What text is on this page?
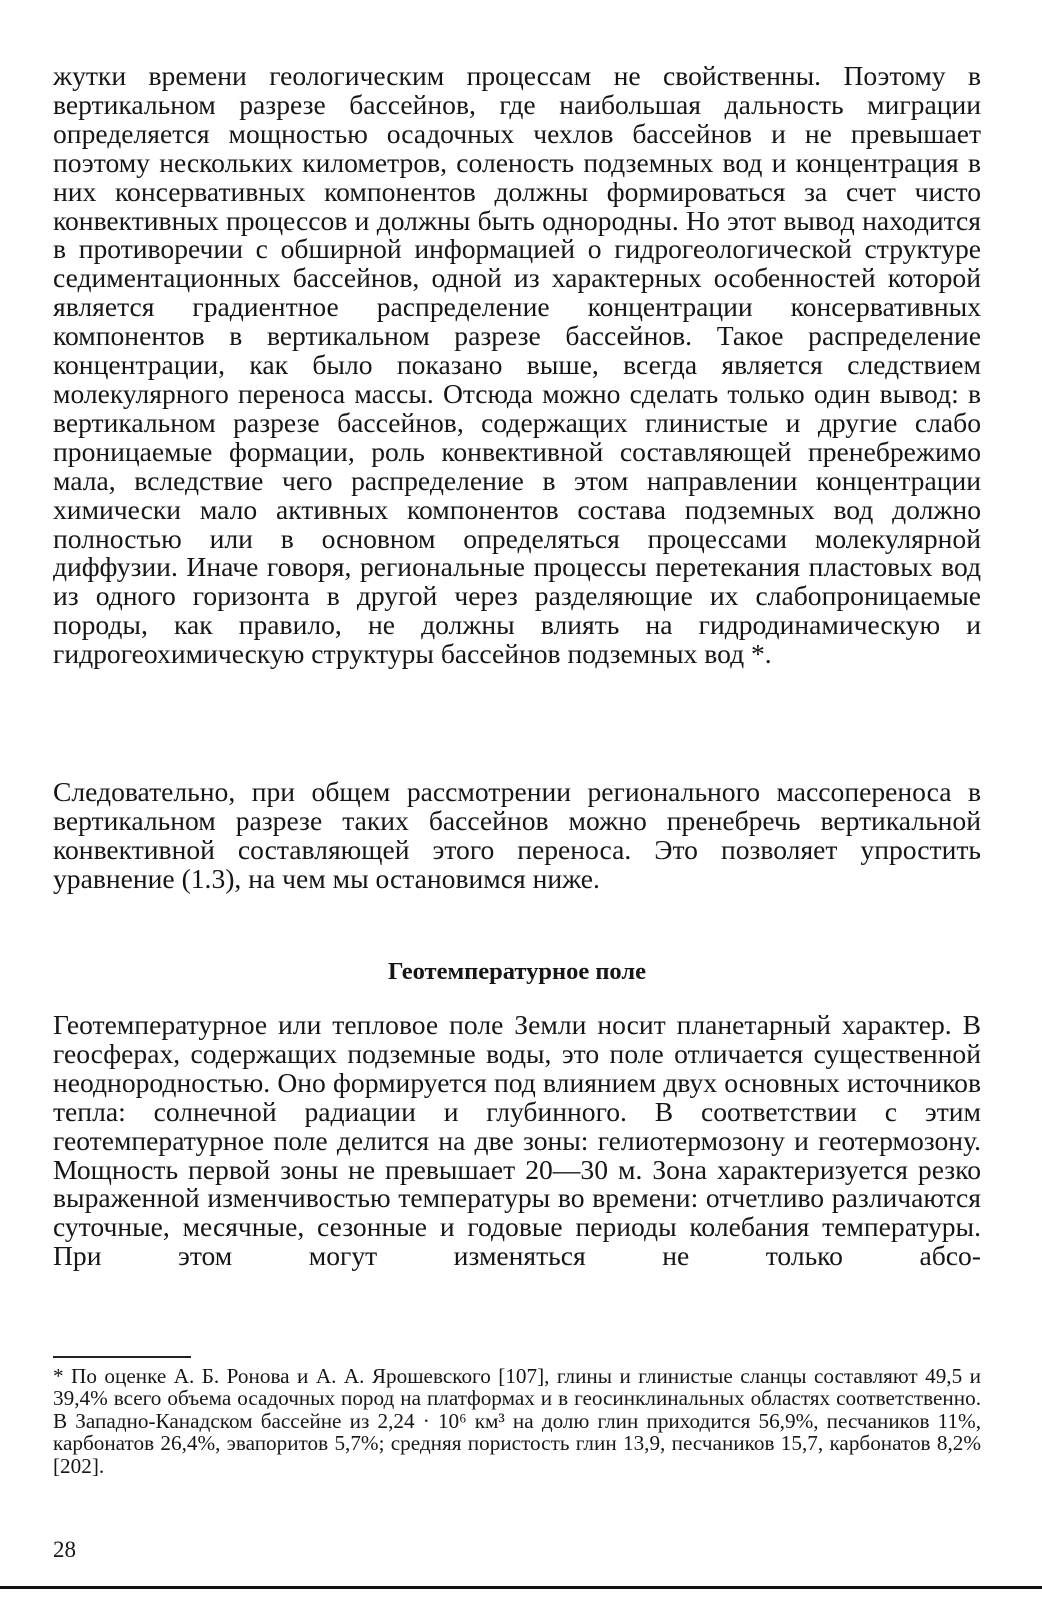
жутки времени геологическим процессам не свойственны. Поэтому в вертикальном разрезе бассейнов, где наибольшая дальность миграции определяется мощностью осадочных чехлов бассейнов и не превышает поэтому нескольких километров, соленость подземных вод и концентрация в них консервативных компонентов должны формироваться за счет чисто конвективных процессов и должны быть однородны. Но этот вывод находится в противоречии с обширной информацией о гидрогеологической структуре седиментационных бассейнов, одной из характерных особенностей которой является градиентное распределение концентрации консервативных компонентов в вертикальном разрезе бассейнов. Такое распределение концентрации, как было показано выше, всегда является следствием молекулярного переноса массы. Отсюда можно сделать только один вывод: в вертикальном разрезе бассейнов, содержащих глинистые и другие слабо проницаемые формации, роль конвективной составляющей пренебрежимо мала, вследствие чего распределение в этом направлении концентрации химически мало активных компонентов состава подземных вод должно полностью или в основном определяться процессами молекулярной диффузии. Иначе говоря, региональные процессы перетекания пластовых вод из одного горизонта в другой через разделяющие их слабопроницаемые породы, как правило, не должны влиять на гидродинамическую и гидрогеохимическую структуры бассейнов подземных вод *.

Следовательно, при общем рассмотрении регионального массопереноса в вертикальном разрезе таких бассейнов можно пренебречь вертикальной конвективной составляющей этого переноса. Это позволяет упростить уравнение (1.3), на чем мы остановимся ниже.

Геотемпературное поле

Геотемпературное или тепловое поле Земли носит планетарный характер. В геосферах, содержащих подземные воды, это поле отличается существенной неоднородностью. Оно формируется под влиянием двух основных источников тепла: солнечной радиации и глубинного. В соответствии с этим геотемпературное поле делится на две зоны: гелиотермозону и геотермозону. Мощность первой зоны не превышает 20—30 м. Зона характеризуется резко выраженной изменчивостью температуры во времени: отчетливо различаются суточные, месячные, сезонные и годовые периоды колебания температуры. При этом могут изменяться не только абсо-

* По оценке А. Б. Ронова и А. А. Ярошевского [107], глины и глинистые сланцы составляют 49,5 и 39,4% всего объема осадочных пород на платформах и в геосинклинальных областях соответственно. В Западно-Канадском бассейне из 2,24 · 10⁶ км³ на долю глин приходится 56,9%, песчаников 11%, карбонатов 26,4%, эвапоритов 5,7%; средняя пористость глин 13,9, песчаников 15,7, карбонатов 8,2% [202].

28
